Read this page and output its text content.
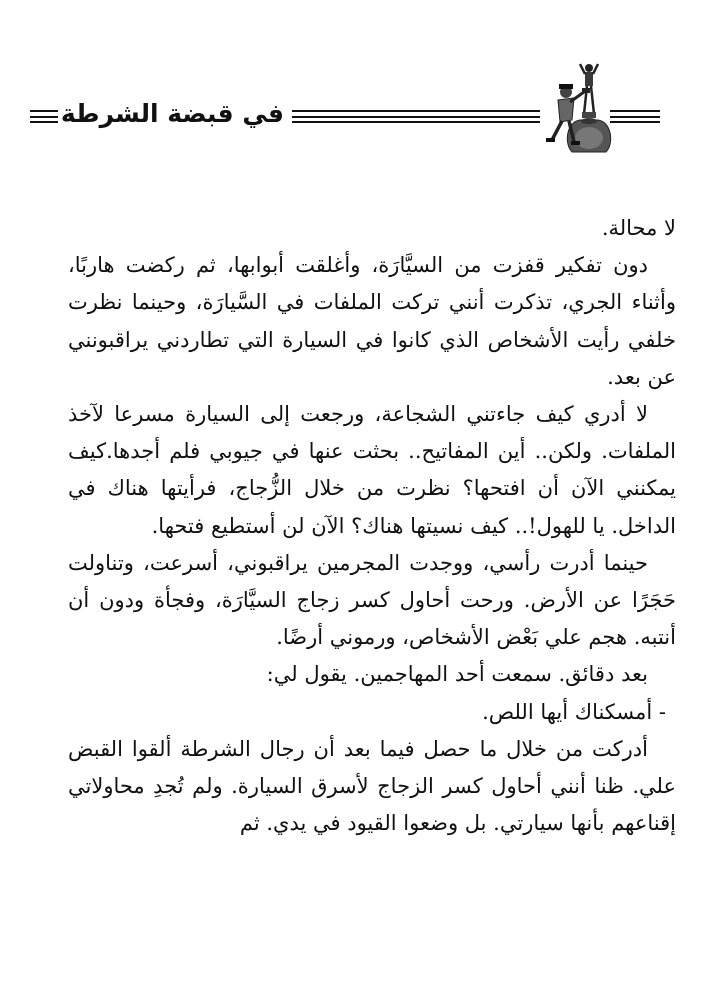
في قبضة الشرطة

لا محالة.

دون تفكير قفزت من السيَّارَة، وأغلقت أبوابها، ثم ركضت هاربًا، وأثناء الجري، تذكرت أنني تركت الملفات في السَّيارَة، وحينما نظرت خلفي رأيت الأشخاص الذي كانوا في السيارة التي تطاردني يراقبونني عن بعد.

لا أدري كيف جاءتني الشجاعة، ورجعت إلى السيارة مسرعا لآخذ الملفات. ولكن.. أين المفاتيح.. بحثت عنها في جيوبي فلم أجدها.كيف يمكنني الآن أن افتحها؟ نظرت من خلال الزُّجاج، فرأيتها هناك في الداخل. يا للهول!.. كيف نسيتها هناك؟ الآن لن أستطيع فتحها.

حينما أدرت رأسي، ووجدت المجرمين يراقبوني، أسرعت، وتناولت حَجَرًا عن الأرض. ورحت أحاول كسر زجاج السيَّارَة، وفجأة ودون أن أنتبه. هجم علي بَعْض الأشخاص، ورموني أرضًا.

بعد دقائق. سمعت أحد المهاجمين. يقول لي:

- أمسكناك أيها اللص.

أدركت من خلال ما حصل فيما بعد أن رجال الشرطة ألقوا القبض علي. ظنا أنني أحاول كسر الزجاج لأسرق السيارة. ولم تُجدِ محاولاتي إقناعهم بأنها سيارتي. بل وضعوا القيود في يدي. ثم
